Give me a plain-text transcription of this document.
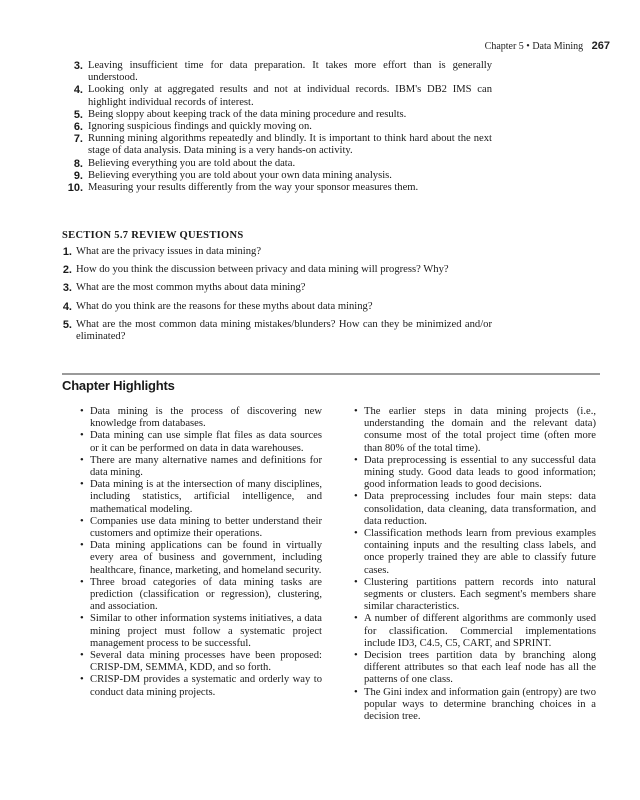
Chapter 5 • Data Mining 267
3. Leaving insufficient time for data preparation. It takes more effort than is generally understood.
4. Looking only at aggregated results and not at individual records. IBM's DB2 IMS can highlight individual records of interest.
5. Being sloppy about keeping track of the data mining procedure and results.
6. Ignoring suspicious findings and quickly moving on.
7. Running mining algorithms repeatedly and blindly. It is important to think hard about the next stage of data analysis. Data mining is a very hands-on activity.
8. Believing everything you are told about the data.
9. Believing everything you are told about your own data mining analysis.
10. Measuring your results differently from the way your sponsor measures them.
SECTION 5.7 REVIEW QUESTIONS
1. What are the privacy issues in data mining?
2. How do you think the discussion between privacy and data mining will progress? Why?
3. What are the most common myths about data mining?
4. What do you think are the reasons for these myths about data mining?
5. What are the most common data mining mistakes/blunders? How can they be minimized and/or eliminated?
Chapter Highlights
• Data mining is the process of discovering new knowledge from databases.
• Data mining can use simple flat files as data sources or it can be performed on data in data warehouses.
• There are many alternative names and definitions for data mining.
• Data mining is at the intersection of many disciplines, including statistics, artificial intelligence, and mathematical modeling.
• Companies use data mining to better understand their customers and optimize their operations.
• Data mining applications can be found in virtually every area of business and government, including healthcare, finance, marketing, and homeland security.
• Three broad categories of data mining tasks are prediction (classification or regression), clustering, and association.
• Similar to other information systems initiatives, a data mining project must follow a systematic project management process to be successful.
• Several data mining processes have been proposed: CRISP-DM, SEMMA, KDD, and so forth.
• CRISP-DM provides a systematic and orderly way to conduct data mining projects.
• The earlier steps in data mining projects (i.e., understanding the domain and the relevant data) consume most of the total project time (often more than 80% of the total time).
• Data preprocessing is essential to any successful data mining study. Good data leads to good information; good information leads to good decisions.
• Data preprocessing includes four main steps: data consolidation, data cleaning, data transformation, and data reduction.
• Classification methods learn from previous examples containing inputs and the resulting class labels, and once properly trained they are able to classify future cases.
• Clustering partitions pattern records into natural segments or clusters. Each segment's members share similar characteristics.
• A number of different algorithms are commonly used for classification. Commercial implementations include ID3, C4.5, C5, CART, and SPRINT.
• Decision trees partition data by branching along different attributes so that each leaf node has all the patterns of one class.
• The Gini index and information gain (entropy) are two popular ways to determine branching choices in a decision tree.
